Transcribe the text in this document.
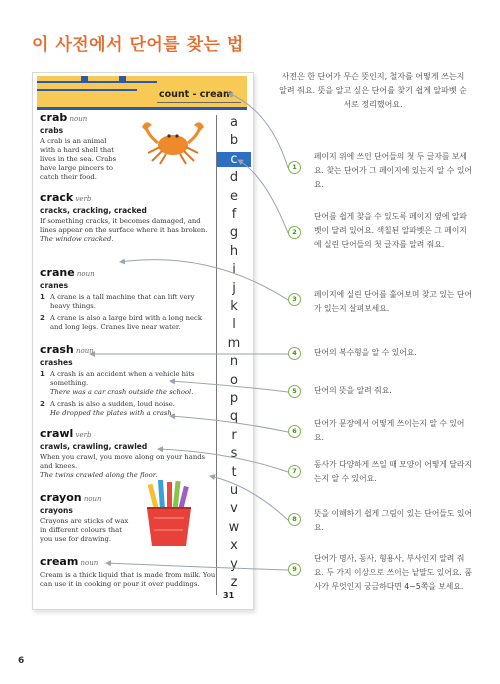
이 사전에서 단어를 찾는 법
count - cream
crab noun
crabs
A crab is an animal with a hard shell that lives in the sea. Crabs have large pincers to catch their food.
crack verb
cracks, cracking, cracked
If something cracks, it becomes damaged, and lines appear on the surface where it has broken.
The window cracked.
crane noun
cranes
1 A crane is a tall machine that can lift very heavy things.
2 A crane is also a large bird with a long neck and long legs. Cranes live near water.
crash noun
crashes
1 A crash is an accident when a vehicle hits something.
There was a car crash outside the school.
2 A crash is also a sudden, loud noise.
He dropped the plates with a crash.
crawl verb
crawls, crawling, crawled
When you crawl, you move along on your hands and knees.
The twins crawled along the floor.
crayon noun
crayons
Crayons are sticks of wax in different colours that you use for drawing.
cream noun
Cream is a thick liquid that is made from milk. You can use it in cooking or pour it over puddings.
a
b
c
d
e
f
g
h
i
j
k
l
m
n
o
p
q
r
s
t
u
v
w
x
y
z
31
사전은 한 단어가 무슨 뜻인지, 철자를 어떻게 쓰는지 알려 줘요. 뜻을 알고 싶은 단어를 찾기 쉽게 알파벳 순서로 정리했어요.
1
페이지 위에 쓰인 단어들의 첫 두 글자를 보세요. 찾는 단어가 그 페이지에 있는지 알 수 있어요.
2
단어를 쉽게 찾을 수 있도록 페이지 옆에 알파벳이 달려 있어요. 색칠된 알파벳은 그 페이지에 실린 단어들의 첫 글자를 알려 줘요.
3	페이지에 실린 단어를 훑어보며 찾고 있는 단어가 있는지 살펴보세요.
4	단어의 복수형을 알 수 있어요.
5	단어의 뜻을 알려 줘요.
6
단어가 문장에서 어떻게 쓰이는지 알 수 있어요.
7
동사가 다양하게 쓰일 때 모양이 어떻게 달라지는지 알 수 있어요.
8
뜻을 이해하기 쉽게 그림이 있는 단어들도 있어요.
9
단어가 명사, 동사, 형용사, 부사인지 알려 줘요. 두 가지 이상으로 쓰이는 낱말도 있어요. 품사가 무엇인지 궁금하다면 4~5쪽을 보세요.
6
